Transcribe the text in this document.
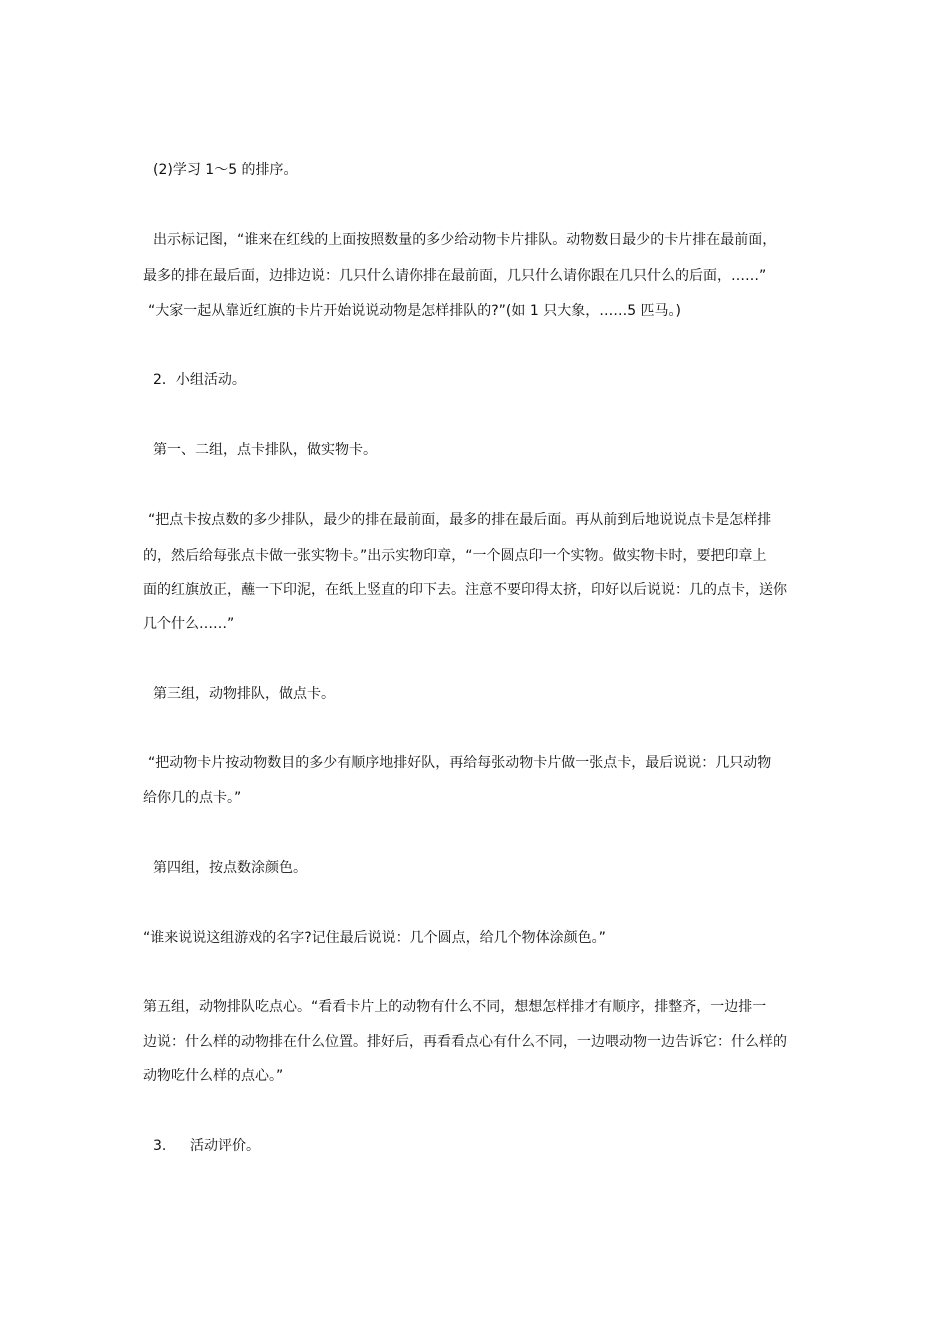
(2)学习 1～5 的排序。
出示标记图，“谁来在红线的上面按照数量的多少给动物卡片排队。动物数日最少的卡片排在最前面，
最多的排在最后面，边排边说：几只什么请你排在最前面，几只什么请你跟在几只什么的后面，……”
“大家一起从靠近红旗的卡片开始说说动物是怎样排队的?”(如 1 只大象，……5 匹马。)
2．小组活动。
第一、二组，点卡排队，做实物卡。
“把点卡按点数的多少排队，最少的排在最前面，最多的排在最后面。再从前到后地说说点卡是怎样排
的，然后给每张点卡做一张实物卡。”出示实物印章，“一个圆点印一个实物。做实物卡时，要把印章上
面的红旗放正，蘸一下印泥，在纸上竖直的印下去。注意不要印得太挤，印好以后说说：几的点卡，送你
几个什么……”
第三组，动物排队，做点卡。
“把动物卡片按动物数目的多少有顺序地排好队，再给每张动物卡片做一张点卡，最后说说：几只动物
给你几的点卡。”
第四组，按点数涂颜色。
“谁来说说这组游戏的名字?记住最后说说：几个圆点，给几个物体涂颜色。”
第五组，动物排队吃点心。“看看卡片上的动物有什么不同，想想怎样排才有顺序，排整齐，一边排一
边说：什么样的动物排在什么位置。排好后，再看看点心有什么不同，一边喂动物一边告诉它：什么样的
动物吃什么样的点心。”
3. 活动评价。
